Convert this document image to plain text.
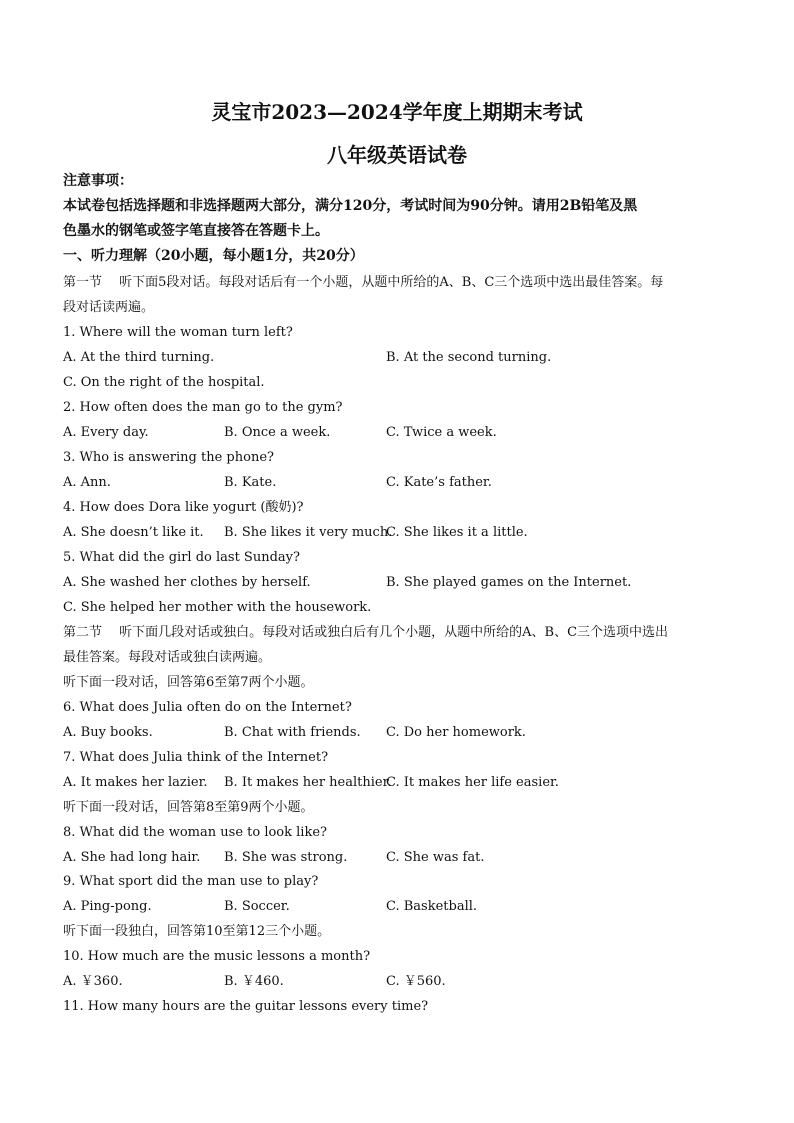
灵宝市2023—2024学年度上期期末考试
八年级英语试卷
注意事项：
本试卷包括选择题和非选择题两大部分，满分120分，考试时间为90分钟。请用2B铅笔及黑
色墨水的钢笔或签字笔直接答在答题卡上。
一、听力理解（20小题，每小题1分，共20分）
第一节　 听下面5段对话。每段对话后有一个小题，从题中所给的A、B、C三个选项中选出最佳答案。每
段对话读两遍。
1. Where will the woman turn left?
A. At the third turning.	B. At the second turning.
C. On the right of the hospital.
2. How often does the man go to the gym?
A. Every day.	B. Once a week.	C. Twice a week.
3. Who is answering the phone?
A. Ann.	B. Kate.	C. Kate’s father.
4. How does Dora like yogurt (酸奶)?
A. She doesn’t like it. B. She likes it very much.
C. She likes it a little.
5. What did the girl do last Sunday?
A. She washed her clothes by herself.	B. She played games on the Internet.
C. She helped her mother with the housework.
第二节　 听下面几段对话或独白。每段对话或独白后有几个小题，从题中所给的A、B、C三个选项中选出
最佳答案。每段对话或独白读两遍。
听下面一段对话，回答第6至第7两个小题。
6. What does Julia often do on the Internet?
A. Buy books.	B. Chat with friends. C. Do her homework.
7. What does Julia think of the Internet?
A. It makes her lazier. B. It makes her healthier.
C. It makes her life easier.
听下面一段对话，回答第8至第9两个小题。
8. What did the woman use to look like?
A. She had long hair. B. She was strong.	C. She was fat.
9. What sport did the man use to play?
A. Ping-pong.	B. Soccer.	C. Basketball.
听下面一段独白，回答第10至第12三个小题。
10. How much are the music lessons a month?
A. ￥360.	B. ￥460.	C. ￥560.
11. How many hours are the guitar lessons every time?
